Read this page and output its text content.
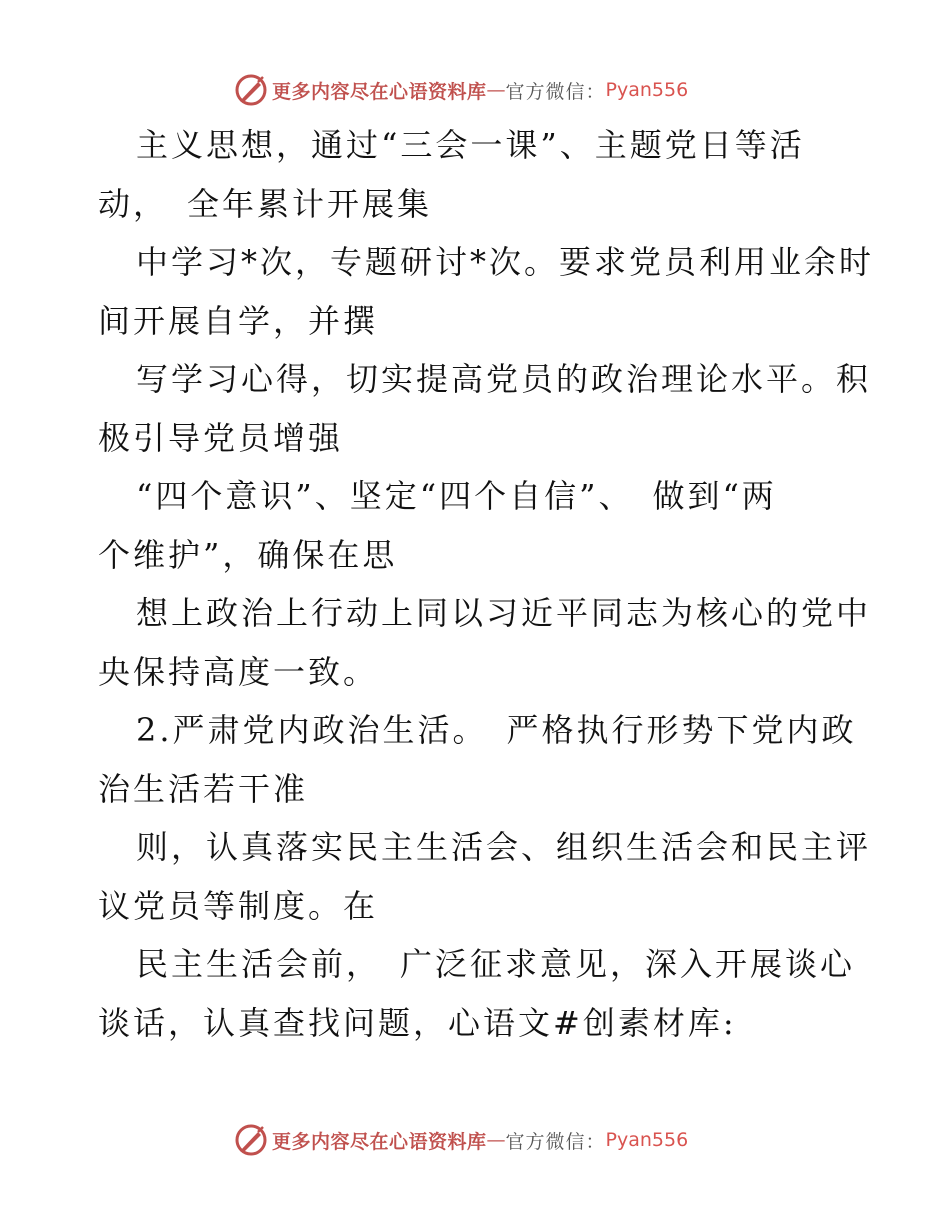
更多内容尽在心语资料库 — 官方微信： Pyan556
主义思想，通过“三会一课”、主题党日等活
动，　全年累计开展集
中学习*次，专题研讨*次。要求党员利用业余时
间开展自学，并撰
写学习心得，切实提高党员的政治理论水平。积
极引导党员增强
“四个意识”、坚定“四个自信”、　做到“两
个维护”，确保在思
想上政治上行动上同以习近平同志为核心的党中
央保持高度一致。
2.严肃党内政治生活。　严格执行形势下党内政
治生活若干准
则，认真落实民主生活会、组织生活会和民主评
议党员等制度。在
民主生活会前，　广泛征求意见，深入开展谈心
谈话，认真查找问题，心语文#创素材库:
更多内容尽在心语资料库 — 官方微信： Pyan556
